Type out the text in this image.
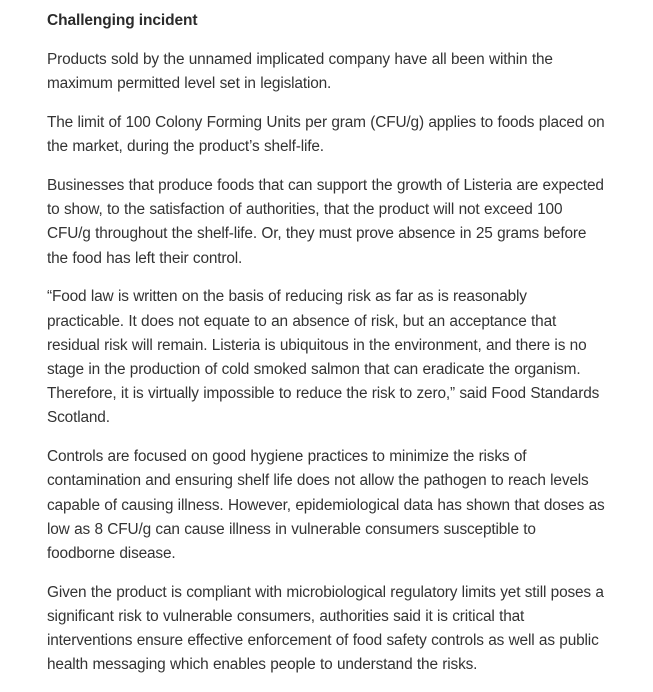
Challenging incident

Products sold by the unnamed implicated company have all been within the maximum permitted level set in legislation.

The limit of 100 Colony Forming Units per gram (CFU/g) applies to foods placed on the market, during the product’s shelf-life.

Businesses that produce foods that can support the growth of Listeria are expected to show, to the satisfaction of authorities, that the product will not exceed 100 CFU/g throughout the shelf-life. Or, they must prove absence in 25 grams before the food has left their control.

“Food law is written on the basis of reducing risk as far as is reasonably practicable. It does not equate to an absence of risk, but an acceptance that residual risk will remain. Listeria is ubiquitous in the environment, and there is no stage in the production of cold smoked salmon that can eradicate the organism. Therefore, it is virtually impossible to reduce the risk to zero,” said Food Standards Scotland.

Controls are focused on good hygiene practices to minimize the risks of contamination and ensuring shelf life does not allow the pathogen to reach levels capable of causing illness. However, epidemiological data has shown that doses as low as 8 CFU/g can cause illness in vulnerable consumers susceptible to foodborne disease.

Given the product is compliant with microbiological regulatory limits yet still poses a significant risk to vulnerable consumers, authorities said it is critical that interventions ensure effective enforcement of food safety controls as well as public health messaging which enables people to understand the risks.
